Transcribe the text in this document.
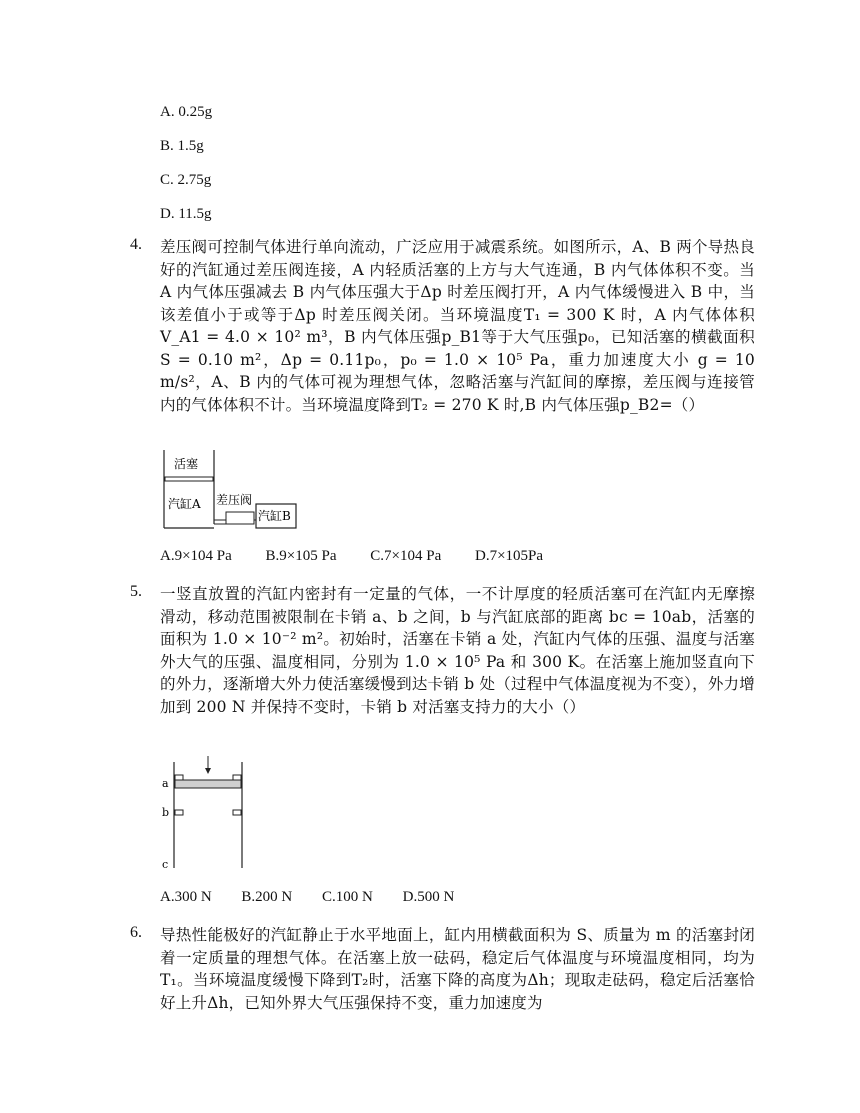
A. 0.25g
B. 1.5g
C. 2.75g
D. 11.5g
4. 差压阀可控制气体进行单向流动，广泛应用于减震系统。如图所示，A、B 两个导热良好的汽缸通过差压阀连接，A 内轻质活塞的上方与大气连通，B 内气体体积不变。当 A 内气体压强减去 B 内气体压强大于Δp 时差压阀打开，A 内气体缓慢进入 B 中，当该差值小于或等于Δp 时差压阀关闭。当环境温度T₁ = 300 K 时，A 内气体体积V_A1 = 4.0 × 10² m³，B 内气体压强p_B1等于大气压强p₀，已知活塞的横截面积 S = 0.10 m²，Δp = 0.11p₀，p₀ = 1.0 × 10⁵ Pa，重力加速度大小 g = 10 m/s²，A、B 内的气体可视为理想气体，忽略活塞与汽缸间的摩擦，差压阀与连接管内的气体体积不计。当环境温度降到T₂ = 270 K 时,B 内气体压强p_B2=（）
活塞
汽缸A 差压阀
汽缸B
A.9×104 Pa B.9×105 Pa C.7×104 Pa D.7×105Pa
5. 一竖直放置的汽缸内密封有一定量的气体，一不计厚度的轻质活塞可在汽缸内无摩擦滑动，移动范围被限制在卡销 a、b 之间，b 与汽缸底部的距离 bc = 10ab，活塞的面积为 1.0 × 10⁻² m²。初始时，活塞在卡销 a 处，汽缸内气体的压强、温度与活塞外大气的压强、温度相同，分别为 1.0 × 10⁵ Pa 和 300 K。在活塞上施加竖直向下的外力，逐渐增大外力使活塞缓慢到达卡销 b 处（过程中气体温度视为不变），外力增加到 200 N 并保持不变时，卡销 b 对活塞支持力的大小（）
a
b
c
A.300 N B.200 N C.100 N D.500 N
6. 导热性能极好的汽缸静止于水平地面上，缸内用横截面积为 S、质量为 m 的活塞封闭着一定质量的理想气体。在活塞上放一砝码，稳定后气体温度与环境温度相同，均为T₁。当环境温度缓慢下降到T₂时，活塞下降的高度为Δh；现取走砝码，稳定后活塞恰好上升Δh，已知外界大气压强保持不变，重力加速度为
